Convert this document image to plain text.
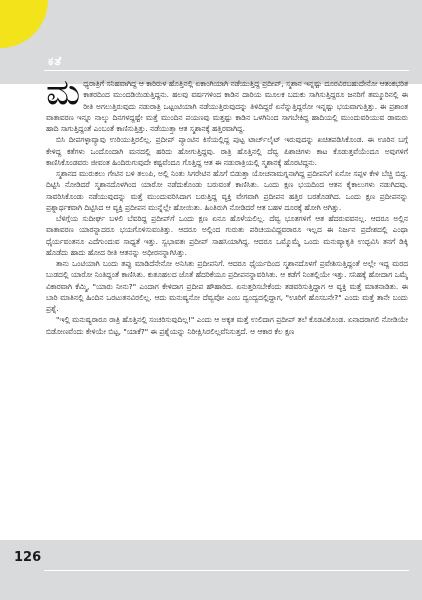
ಕತೆ

ಮಧ್ಯರಾತ್ರಿಗೆ ಸನಿಹವಾಗಿದ್ದ ಆ ಕಾರಿರುಳ ಹೊತ್ತಿನಲ್ಲಿ ಏಕಾಂಗಿಯಾಗಿ ನಡೆಯುತ್ತಿದ್ದ ಪ್ರದೀಪ್, ಸ್ಮಶಾನ ಇನ್ನಷ್ಟು ದೂರವಿರಬಹುದೇನೋ ಆತಂಕಭರಿತ ಕಾತರದಿಂದ ಮುಂದಡಿಯಿಡುತ್ತಿದ್ದನು. ಹಲವು ವರ್ಷಗಳಿಂದ ಕಾಡಿನ ದಾರಿಯ ಮೂಲಕ ಬದುಕು ಸಾಗಿಸುತ್ತಿದ್ದರೂ ಜನರಿಗೆ ತಮ್ಮೂರಿನಲ್ಲಿ ಈ ರೀತಿ ಅಗಲುತ್ತಿರುವುದು ನಡುರಾತ್ರಿ ಒಟ್ಟಂಟಿಯಾಗಿ ನಡೆಯುತ್ತಿರುವುದನ್ನು ತಿಳಿದಿದ್ದರೆ ಏನೆನ್ನುತ್ತಿದ್ದರೋ ಇನ್ನಷ್ಟು ಭಯವಾಗುತ್ತಿತ್ತು. ಈ ಪ್ರಶಾಂತ ವಾತಾವರಣ ಇನ್ನೂ ನಾಲ್ಕು ದಿನಗಳದ್ದಷ್ಟೇ ಮತ್ತೆ ಮುಂದಿನ ಪಯಣವು ಮತ್ತಷ್ಟು ಕಾಡಿನ ಒಳಗಿನಿಂದ ಸಾಗಬೇಕಿದ್ದ ಹಾದಿಯಲ್ಲಿ ಮುಂದುವರಿಯುವ ಡಾಮರು ಹಾದಿ ಸಾಗುತ್ತಿದ್ದಂತೆ ಎಂಬಂತೆ ಕಾಣಿಸುತ್ತಿತ್ತು. ನಡೆಯುತ್ತಾ ಆತ ಸ್ಮಶಾನಕ್ಕೆ ಹತ್ತಿರವಾಗಿದ್ದ.

ಬಿಸಿ ದೀಪಗಳ್ಳಾವ್ಯಾವು ಉರಿಯುತ್ತಿರಲಿಲ್ಲ. ಪ್ರದೀಪ್ ಪ್ಯಾಂಟಿನ ಕಿಸೆಯಲ್ಲಿದ್ದ ಪುಟ್ಟ ಟಾರ್ಚ್‌ಲೈಟ್ ಇರುವುದನ್ನು ಖಚಿತಪಡಿಸಿಕೊಂಡ. ಈ ಊರಿನ ಬಗ್ಗೆ ಕೇಳಿದ್ದ ಕತೆಗಳು ಒಂದೊಂದಾಗಿ ಮನದಲ್ಲಿ ಹರಿದು ಹೋಗುತ್ತಿದ್ದವು. ರಾತ್ರಿ ಹೊತ್ತಿನಲ್ಲಿ ದೆವ್ವ ಪಿಶಾಚಿಗಳು ಕಾಟ ಕೊಡುತ್ತವೆಯೆಂದೂ ಅವುಗಳಿಗೆ ಕಾಣಿಸಿಕೊಂಡವರು ಜೀವಂತ ಹಿಂದಿರುಗುವುದೇ ಕಷ್ಟವೆಂದೂ ಗೊತ್ತಿದ್ದ ಆತ ಈ ನಡುರಾತ್ರಿಯಲ್ಲಿ ಸ್ಮಶಾನಕ್ಕೆ ಹೊರಟಿದ್ದನು.

ಸ್ಮಶಾನದ ಮುರುಕಲು ಗೇಟಿನ ಬಳಿ ತಲುಪಿ, ಅಲ್ಲಿ ನಿಂತು ಸಿಗರೇಟಿನ ಹೊಗೆ ಬಿಡುತ್ತಾ ಯೋಚನಾಮಗ್ನನಾಗಿದ್ದ ಪ್ರದೀಪನಿಗೆ ಏನೋ ಸಪ್ಪಳ ಕೇಳಿ ಬೆಚ್ಚಿ ಬಿದ್ದ. ದಿಟ್ಟಿಸಿ ನೋಡಿದರೆ ಸ್ಮಶಾನದೊಳಗಿಂದ ಯಾರೋ ನಡೆದುಕೊಂಡು ಬರುವಂತೆ ಕಾಣಿಸಿತು. ಒಂದು ಕ್ಷಣ ಭಯದಿಂದ ಆತನ ಕೈಕಾಲುಗಳು ನಡುಗಿದವು. ಸಾವರಿಸಿಕೊಂಡು ನಡೆಯುವುದನ್ನು ಮತ್ತೆ ಮುಂದುವರಿಸಿದಾಗ ಬರುತ್ತಿದ್ದ ವ್ಯಕ್ತಿ ವೇಗವಾಗಿ ಪ್ರದೀಪನ ಹತ್ತಿರ ಬರತೊಡಗಿದ. ಒಂದು ಕ್ಷಣ ಪ್ರದೀಪನನ್ನು ಪ್ರಶ್ನಾರ್ಥಕವಾಗಿ ದಿಟ್ಟಿಸಿದ ಆ ವ್ಯಕ್ತಿ ಪ್ರದೀಪನ ಮುನ್ನೆಲ್ಲೇ ಹೋಯಿತು. ಹಿಂತಿರುಗಿ ನೋಡಿದರೆ ಆತ ಬಹಳ ದೂರಕ್ಕೆ ಹೋಗಿ ಅಗಿತ್ತು.

ಬೆಳಿಗ್ಗೆಯ ಸುದೀರ್ಘ ಬಳಲಿ ಬೆವರಿದ್ದ ಪ್ರದೀಪ್‌ಗೆ ಒಂದು ಕ್ಷಣ ಏನೂ ಹೊಳೆಯಲಿಲ್ಲ. ದೆವ್ವ ಭೂತಗಳಿಗೆ ಆತ ಹೆದರುವವನಲ್ಲ. ಆದರೂ ಅಲ್ಲಿನ ವಾತಾವರಣ ಯಾರನ್ನಾದರೂ ಭಯಗೊಳಿಸುವಂತಿತ್ತು. ಆದರೂ ಅಲ್ಲಿಂದ ಗುರುತು ಪರಿಚಯವಿದ್ದವರಾರೂ ಇಲ್ಲದ ಈ ನಿರ್ಜನ ಪ್ರದೇಶದಲ್ಲಿ ಎಂಥಾ ಧೈರ್ಯವಂತನೂ ಎದೆಗುಂದುವ ಸಾಧ್ಯತೆ ಇತ್ತು. ಸ್ವಭಾವತಃ ಪ್ರದೀಪ್ ಸಾಹಸಿಯಾಗಿದ್ದ. ಆದರೂ ಒಮ್ಮೊಮ್ಮೆ ಒಂದು ಮನುಷ್ಯಾಕೃತಿ ಉದ್ಭವಿಸಿ ತನಗೆ ಡಿಕ್ಕಿ ಹೊಡೆದು ಹಾದು ಹೋದ ರೀತಿ ಆತನನ್ನು ಅಧೀರನನ್ನಾಗಿಸಿತ್ತು.

ತಾನು ಒಂಟಿಯಾಗಿ ಬಂದು ತಪ್ಪು ಮಾಡಿದೆನೇನೋ ಅನಿಸಿತು ಪ್ರದೀಪನಿಗೆ. ಆದರೂ ಧೈರ್ಯದಿಂದ ಸ್ಮಶಾನದೊಳಗೆ ಪ್ರವೇಶಿಸುತ್ತಿದ್ದಂತೆ ಅಲ್ಲೇ ಇದ್ದ ಮರದ ಬುಡದಲ್ಲಿ ಯಾರೋ ನಿಂತಿದ್ದಂತೆ ಕಾಣಿಸಿತು. ಕುತೂಹಲದ ಜೊತೆ ಹೆದರಿಕೆಯೂ ಪ್ರದೀಪನನ್ನಾವರಿಸಿತು. ಆ ಕಡೆಗೆ ನಿಂತಲ್ಲಿಯೇ ಇತ್ತು. ಸನಿಹಕ್ಕೆ ಹೋದಾಗ ಒಮ್ಮೆ ವಿಕಾರವಾಗಿ ಕೆಮ್ಮಿ, "ಯಾರು ನೀನು?" ಎಂದಾಗ ಕೇಳಿದಾಗ ಪ್ರದೀಪ ಹೌಹಾರಿದ. ಏನುತ್ತರಿಸಬೇಕೆಂದು ತಡವರಿಸುತ್ತಿದ್ದಾಗ ಆ ವ್ಯಕ್ತಿ ಮತ್ತೆ ಮಾತನಾಡಿತು. ಈ ಬಾರಿ ಮಾತಿನಲ್ಲಿ ಹಿಂದಿನ ಒರಟುತನವಿರಲಿಲ್ಲ. ಆದು ಮನುಷ್ಯನೋ ದೆವ್ವವೋ ಎಂಬ ದ್ವಂದ್ವದಲ್ಲಿದ್ದಾಗ, "ಊರಿಗೆ ಹೊಸಬನೇ?" ಎಂದು ಮತ್ತೆ ತಾನೇ ಬಂದು ಪ್ರಶ್ನೆ.

"ಇಲ್ಲಿ ಮನುಷ್ಯರಾರೂ ರಾತ್ರಿ ಹೊತ್ತಿನಲ್ಲಿ ಸಂಚರಿಸುವುದಿಲ್ಲ!" ಎಂದು ಆ ಅಕ್ಕತ ಮತ್ತೆ ಉಲಿದಾಗ ಪ್ರದೀಪ್ ತಲೆ ಕೊಡವಿಕೊಂಡ. ಏನಾದರಾಗಲಿ ನೋಡಿಯೇ ಬಿಡೋಣವೆಂದು ಕೇಳಿಯೇ ಬಿಟ್ಟ, "ಯಾಕೆ?" ಈ ಪ್ರಶ್ನೆಯನ್ನು ನಿರೀಕ್ಷಿಸಿರಲಿಲ್ಲವೆನಿಸುತ್ತದೆ. ಆ ಆಕಾರ ಕೆಲ ಕ್ಷಣ

126
